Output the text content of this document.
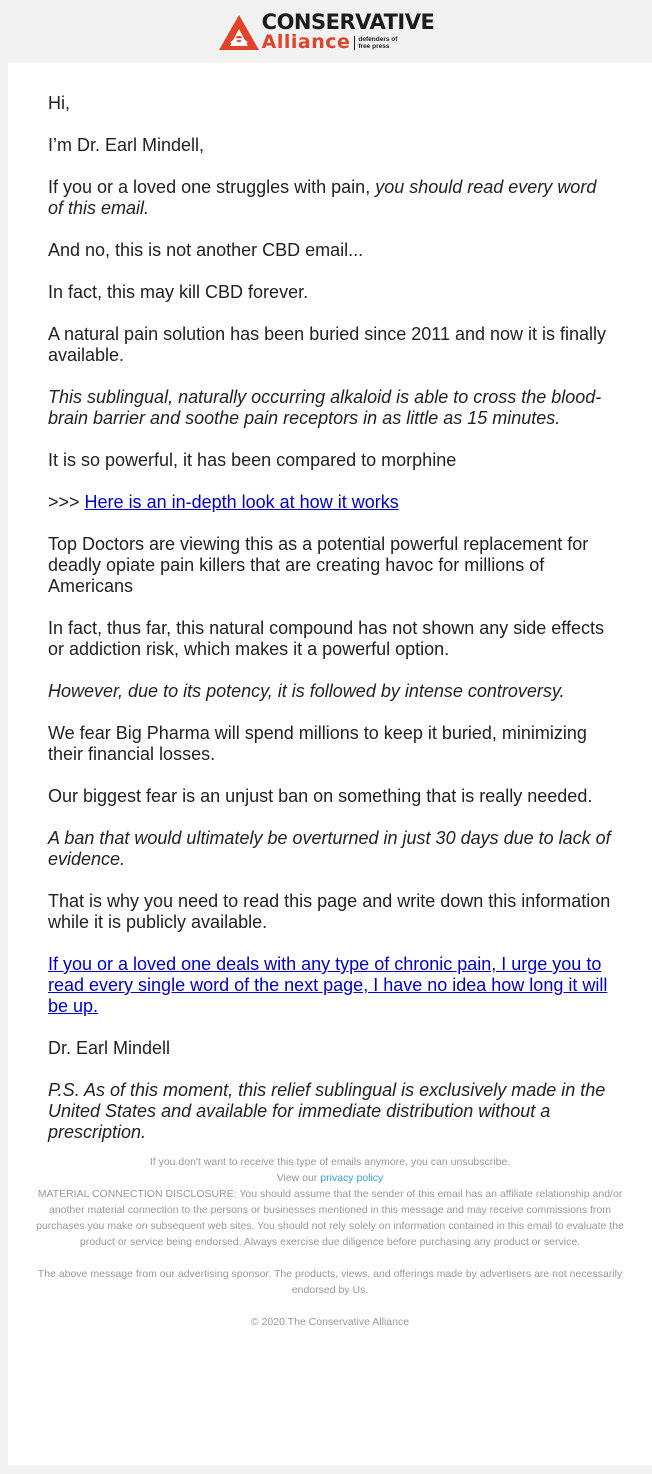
CONSERVATIVE
Alliance	defenders of
free press

Hi,

I’m Dr. Earl Mindell,

If you or a loved one struggles with pain, you should read every word of this email.

And no, this is not another CBD email...

In fact, this may kill CBD forever.

A natural pain solution has been buried since 2011 and now it is finally available.

This sublingual, naturally occurring alkaloid is able to cross the blood-brain barrier and soothe pain receptors in as little as 15 minutes.

It is so powerful, it has been compared to morphine

>>> Here is an in-depth look at how it works

Top Doctors are viewing this as a potential powerful replacement for deadly opiate pain killers that are creating havoc for millions of Americans

In fact, thus far, this natural compound has not shown any side effects or addiction risk, which makes it a powerful option.

However, due to its potency, it is followed by intense controversy.

We fear Big Pharma will spend millions to keep it buried, minimizing their financial losses.

Our biggest fear is an unjust ban on something that is really needed.

A ban that would ultimately be overturned in just 30 days due to lack of evidence.

That is why you need to read this page and write down this information while it is publicly available.

If you or a loved one deals with any type of chronic pain, I urge you to read every single word of the next page, I have no idea how long it will be up.

Dr. Earl Mindell

P.S. As of this moment, this relief sublingual is exclusively made in the United States and available for immediate distribution without a prescription.

If you don't want to receive this type of emails anymore, you can unsubscribe.

View our privacy policy

MATERIAL CONNECTION DISCLOSURE: You should assume that the sender of this email has an affiliate relationship and/or another material connection to the persons or businesses mentioned in this message and may receive commissions from purchases you make on subsequent web sites. You should not rely solely on information contained in this email to evaluate the product or service being endorsed. Always exercise due diligence before purchasing any product or service.

The above message from our advertising sponsor. The products, views, and offerings made by advertisers are not necessarily endorsed by Us.

© 2020 The Conservative Alliance
